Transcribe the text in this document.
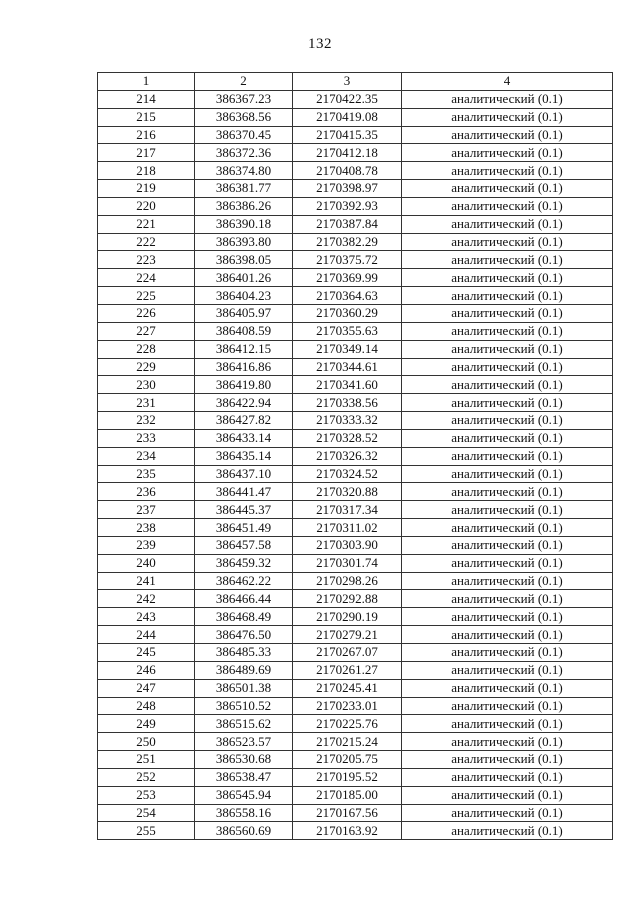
132
1	2	3	4
214	386367.23	2170422.35	аналитический (0.1)
215	386368.56	2170419.08	аналитический (0.1)
216	386370.45	2170415.35	аналитический (0.1)
217	386372.36	2170412.18	аналитический (0.1)
218	386374.80	2170408.78	аналитический (0.1)
219	386381.77	2170398.97	аналитический (0.1)
220	386386.26	2170392.93	аналитический (0.1)
221	386390.18	2170387.84	аналитический (0.1)
222	386393.80	2170382.29	аналитический (0.1)
223	386398.05	2170375.72	аналитический (0.1)
224	386401.26	2170369.99	аналитический (0.1)
225	386404.23	2170364.63	аналитический (0.1)
226	386405.97	2170360.29	аналитический (0.1)
227	386408.59	2170355.63	аналитический (0.1)
228	386412.15	2170349.14	аналитический (0.1)
229	386416.86	2170344.61	аналитический (0.1)
230	386419.80	2170341.60	аналитический (0.1)
231	386422.94	2170338.56	аналитический (0.1)
232	386427.82	2170333.32	аналитический (0.1)
233	386433.14	2170328.52	аналитический (0.1)
234	386435.14	2170326.32	аналитический (0.1)
235	386437.10	2170324.52	аналитический (0.1)
236	386441.47	2170320.88	аналитический (0.1)
237	386445.37	2170317.34	аналитический (0.1)
238	386451.49	2170311.02	аналитический (0.1)
239	386457.58	2170303.90	аналитический (0.1)
240	386459.32	2170301.74	аналитический (0.1)
241	386462.22	2170298.26	аналитический (0.1)
242	386466.44	2170292.88	аналитический (0.1)
243	386468.49	2170290.19	аналитический (0.1)
244	386476.50	2170279.21	аналитический (0.1)
245	386485.33	2170267.07	аналитический (0.1)
246	386489.69	2170261.27	аналитический (0.1)
247	386501.38	2170245.41	аналитический (0.1)
248	386510.52	2170233.01	аналитический (0.1)
249	386515.62	2170225.76	аналитический (0.1)
250	386523.57	2170215.24	аналитический (0.1)
251	386530.68	2170205.75	аналитический (0.1)
252	386538.47	2170195.52	аналитический (0.1)
253	386545.94	2170185.00	аналитический (0.1)
254	386558.16	2170167.56	аналитический (0.1)
255	386560.69	2170163.92	аналитический (0.1)
